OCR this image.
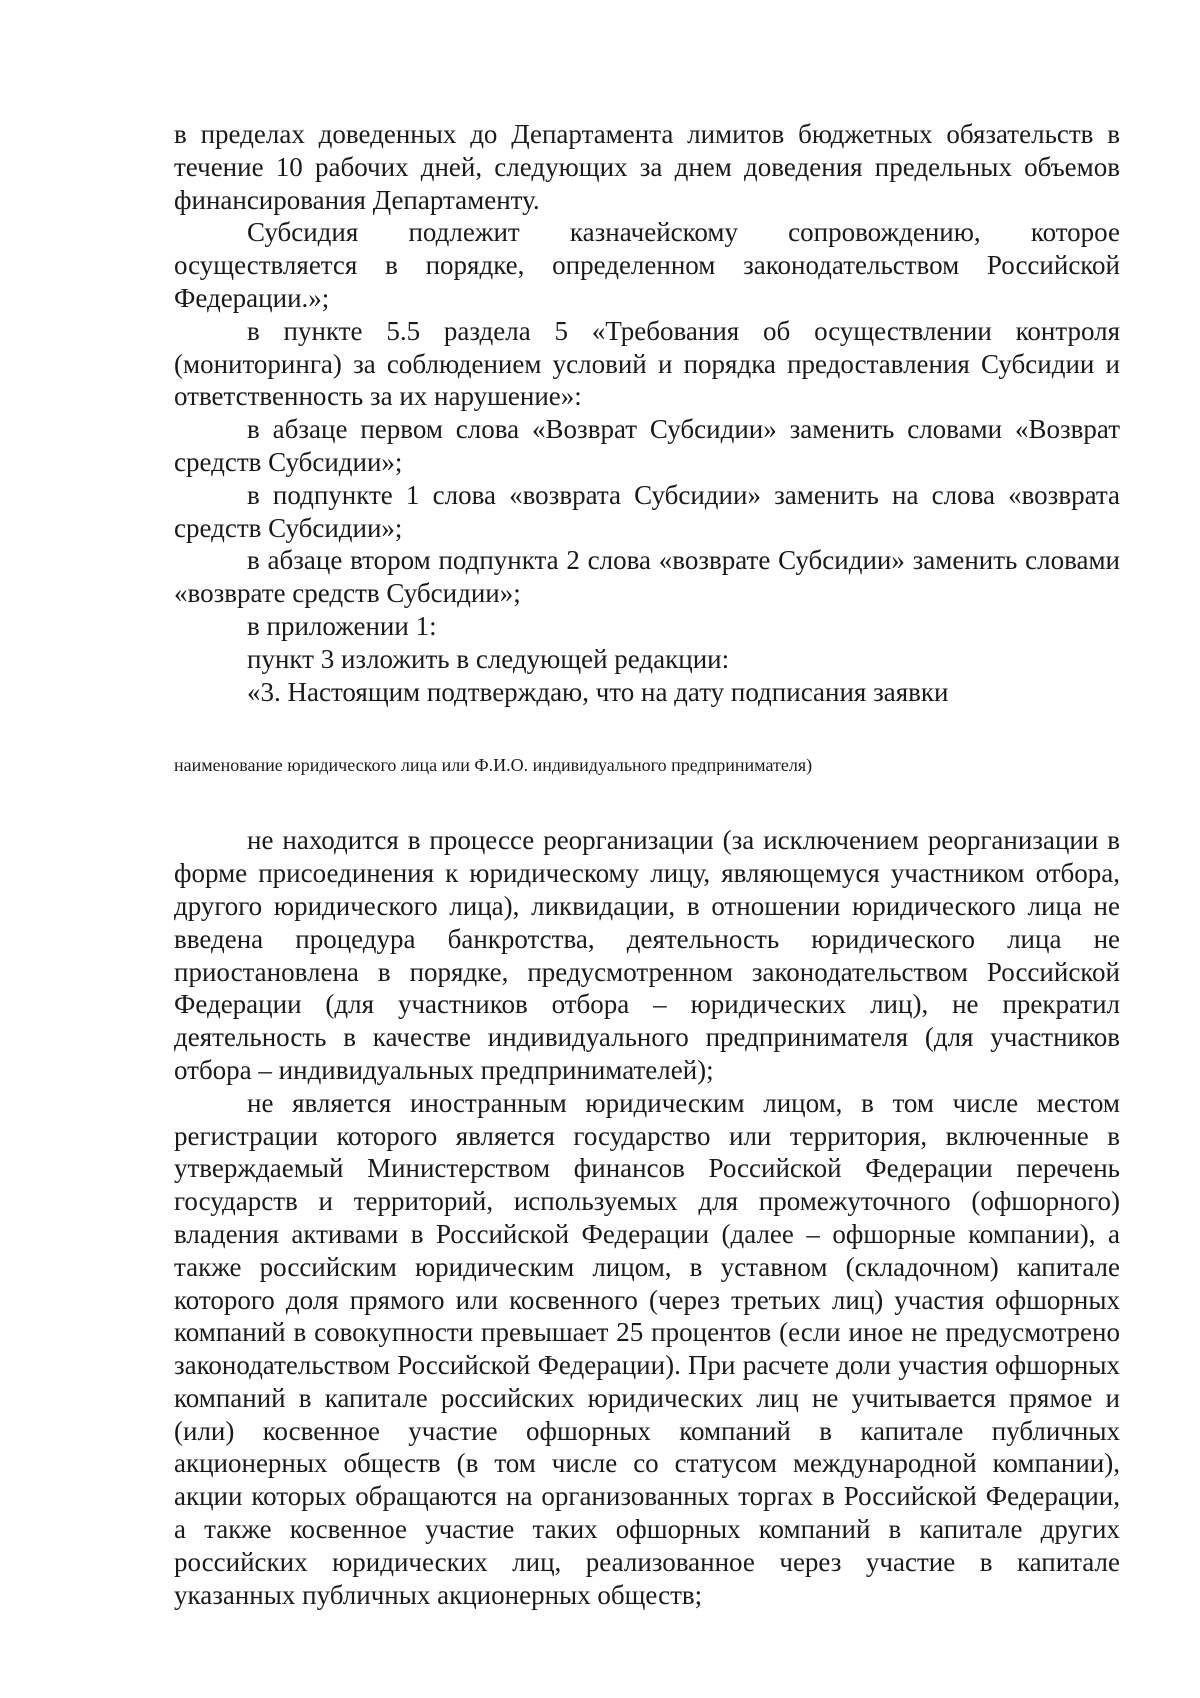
в пределах доведенных до Департамента лимитов бюджетных обязательств в течение 10 рабочих дней, следующих за днем доведения предельных объемов финансирования Департаменту.

Субсидия подлежит казначейскому сопровождению, которое осуществляется в порядке, определенном законодательством Российской Федерации.»;

в пункте 5.5 раздела 5 «Требования об осуществлении контроля (мониторинга) за соблюдением условий и порядка предоставления Субсидии и ответственность за их нарушение»:

в абзаце первом слова «Возврат Субсидии» заменить словами «Возврат средств Субсидии»;

в подпункте 1 слова «возврата Субсидии» заменить на слова «возврата средств Субсидии»;

в абзаце втором подпункта 2 слова «возврате Субсидии» заменить словами «возврате средств Субсидии»;

в приложении 1:

пункт 3 изложить в следующей редакции:

«3. Настоящим подтверждаю, что на дату подписания заявки

наименование юридического лица или Ф.И.О. индивидуального предпринимателя)

не находится в процессе реорганизации (за исключением реорганизации в форме присоединения к юридическому лицу, являющемуся участником отбора, другого юридического лица), ликвидации, в отношении юридического лица не введена процедура банкротства, деятельность юридического лица не приостановлена в порядке, предусмотренном законодательством Российской Федерации (для участников отбора – юридических лиц), не прекратил деятельность в качестве индивидуального предпринимателя (для участников отбора – индивидуальных предпринимателей);

не является иностранным юридическим лицом, в том числе местом регистрации которого является государство или территория, включенные в утверждаемый Министерством финансов Российской Федерации перечень государств и территорий, используемых для промежуточного (офшорного) владения активами в Российской Федерации (далее – офшорные компании), а также российским юридическим лицом, в уставном (складочном) капитале которого доля прямого или косвенного (через третьих лиц) участия офшорных компаний в совокупности превышает 25 процентов (если иное не предусмотрено законодательством Российской Федерации). При расчете доли участия офшорных компаний в капитале российских юридических лиц не учитывается прямое и (или) косвенное участие офшорных компаний в капитале публичных акционерных обществ (в том числе со статусом международной компании), акции которых обращаются на организованных торгах в Российской Федерации, а также косвенное участие таких офшорных компаний в капитале других российских юридических лиц, реализованное через участие в капитале указанных публичных акционерных обществ;
